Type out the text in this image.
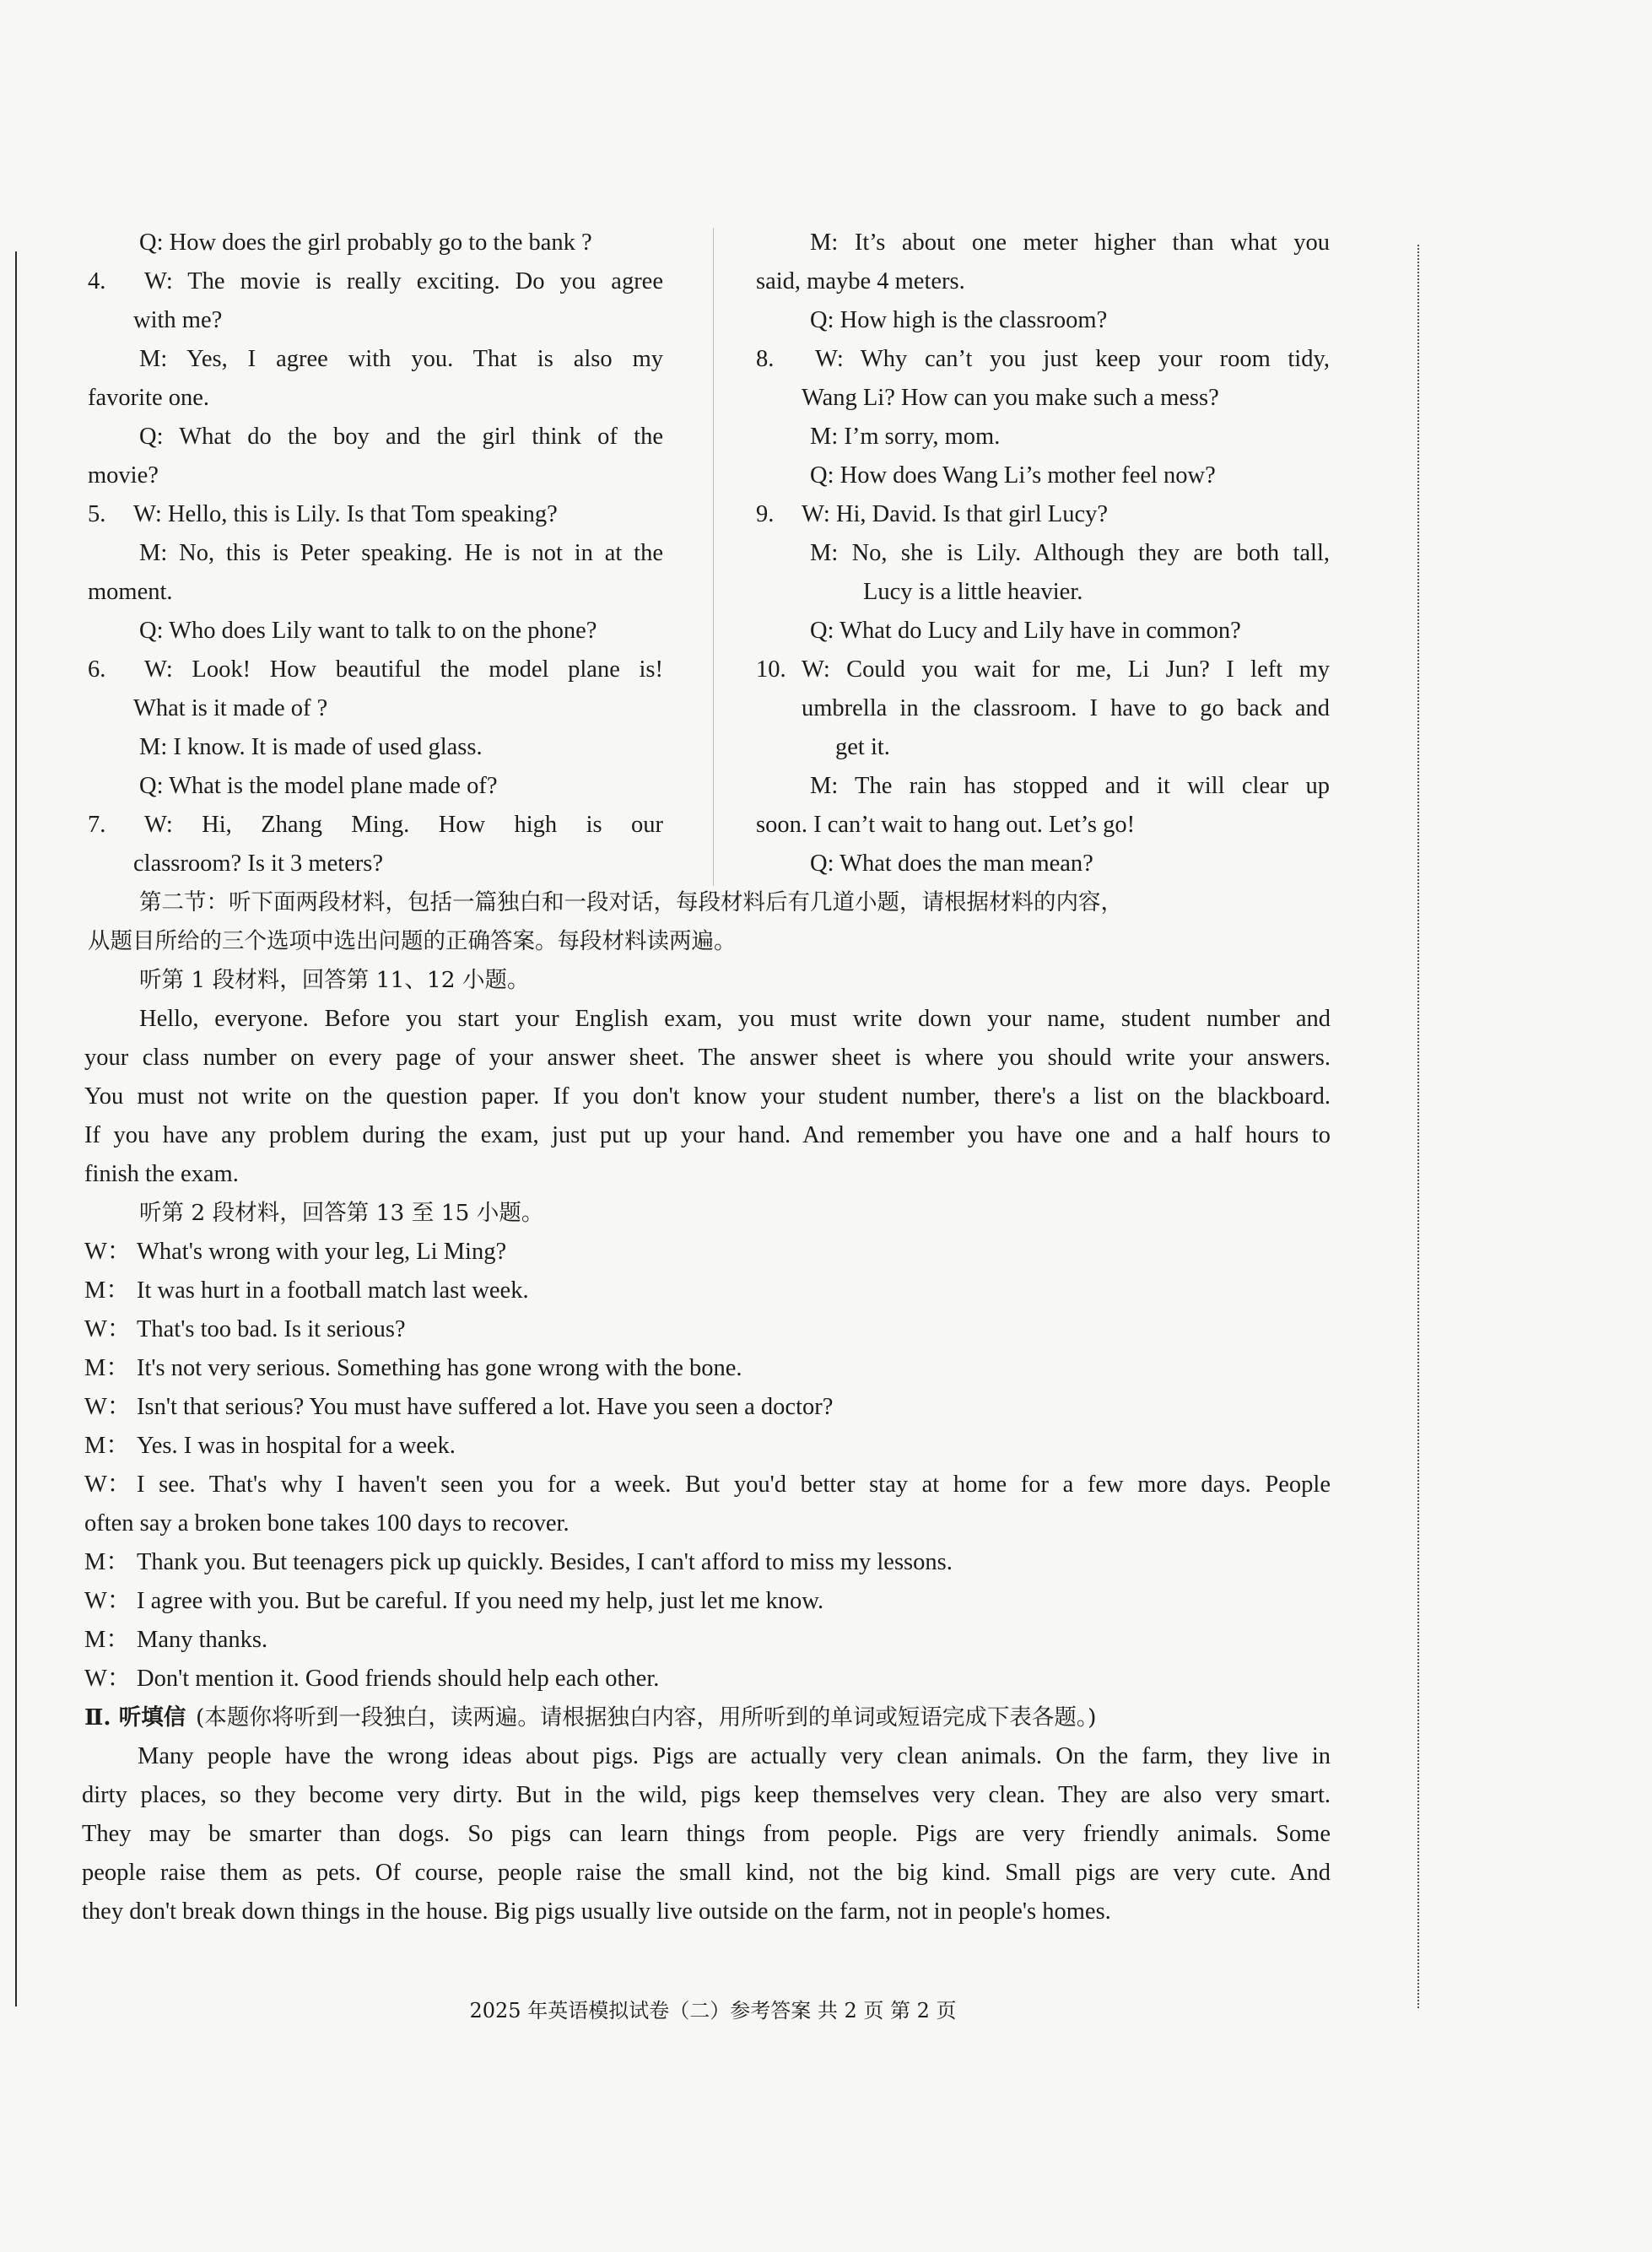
Q: How does the girl probably go to the bank ?
4. W: The movie is really exciting. Do you agree
with me?
M: Yes, I agree with you. That is also my
favorite one.
Q: What do the boy and the girl think of the
movie?
5. W: Hello, this is Lily. Is that Tom speaking?
M: No, this is Peter speaking. He is not in at the
moment.
Q: Who does Lily want to talk to on the phone?
6. W: Look! How beautiful the model plane is!
What is it made of ?
M: I know. It is made of used glass.
Q: What is the model plane made of?
7. W: Hi, Zhang Ming. How high is our
classroom? Is it 3 meters?
M: It’s about one meter higher than what you
said, maybe 4 meters.
Q: How high is the classroom?
8. W: Why can’t you just keep your room tidy,
Wang Li? How can you make such a mess?
M: I’m sorry, mom.
Q: How does Wang Li’s mother feel now?
9. W: Hi, David. Is that girl Lucy?
M: No, she is Lily. Although they are both tall,
Lucy is a little heavier.
Q: What do Lucy and Lily have in common?
10. W: Could you wait for me, Li Jun? I left my
umbrella in the classroom. I have to go back and
get it.
M: The rain has stopped and it will clear up
soon. I can’t wait to hang out. Let’s go!
Q: What does the man mean?
第二节：听下面两段材料，包括一篇独白和一段对话，每段材料后有几道小题，请根据材料的内容，
从题目所给的三个选项中选出问题的正确答案。每段材料读两遍。
听第 1 段材料，回答第 11、12 小题。
Hello, everyone. Before you start your English exam, you must write down your name, student number and
your class number on every page of your answer sheet. The answer sheet is where you should write your answers.
You must not write on the question paper. If you don't know your student number, there's a list on the blackboard.
If you have any problem during the exam, just put up your hand. And remember you have one and a half hours to
finish the exam.
听第 2 段材料，回答第 13 至 15 小题。
W： What's wrong with your leg, Li Ming?
M： It was hurt in a football match last week.
W： That's too bad. Is it serious?
M： It's not very serious. Something has gone wrong with the bone.
W： Isn't that serious? You must have suffered a lot. Have you seen a doctor?
M： Yes. I was in hospital for a week.
W： I see. That's why I haven't seen you for a week. But you'd better stay at home for a few more days. People
often say a broken bone takes 100 days to recover.
M： Thank you. But teenagers pick up quickly. Besides, I can't afford to miss my lessons.
W： I agree with you. But be careful. If you need my help, just let me know.
M： Many thanks.
W： Don't mention it. Good friends should help each other.
Ⅱ. 听填信 (本题你将听到一段独白，读两遍。请根据独白内容，用所听到的单词或短语完成下表各题。)
Many people have the wrong ideas about pigs. Pigs are actually very clean animals. On the farm, they live in
dirty places, so they become very dirty. But in the wild, pigs keep themselves very clean. They are also very smart.
They may be smarter than dogs. So pigs can learn things from people. Pigs are very friendly animals. Some
people raise them as pets. Of course, people raise the small kind, not the big kind. Small pigs are very cute. And
they don't break down things in the house. Big pigs usually live outside on the farm, not in people's homes.
2025 年英语模拟试卷（二）参考答案 共 2 页 第 2 页
